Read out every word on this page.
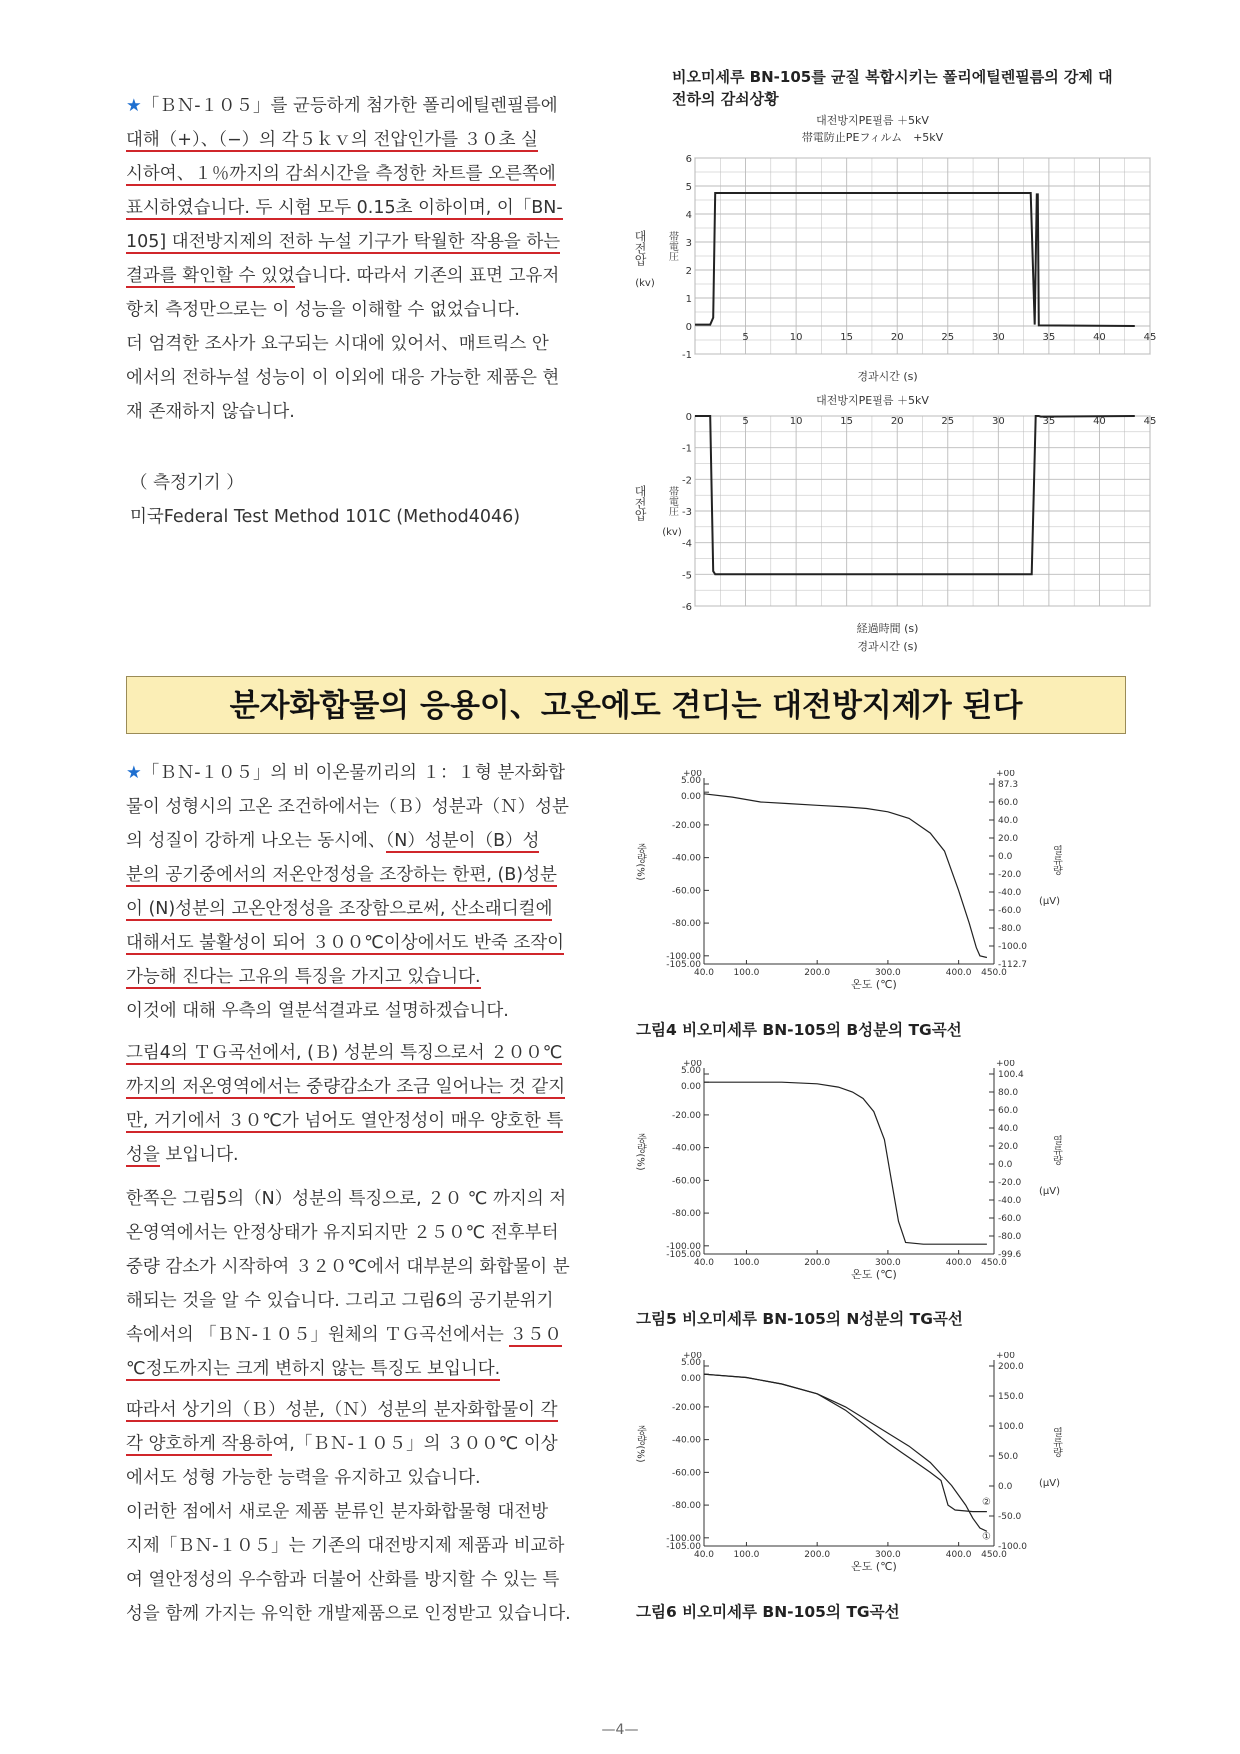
★「ＢＮ-１０５」를 균등하게 첨가한 폴리에틸렌필름에
대해（+）、（−）의 각５ｋｖ의 전압인가를 ３０초 실
시하여、１％까지의 감쇠시간을 측정한 차트를 오른쪽에
표시하였습니다. 두 시험 모두 0.15초 이하이며, 이「BN-
105] 대전방지제의 전하 누설 기구가 탁월한 작용을 하는
결과를 확인할 수 있었습니다. 따라서 기존의 표면 고유저
항치 측정만으로는 이 성능을 이해할 수 없었습니다.
더 엄격한 조사가 요구되는 시대에 있어서、매트릭스 안
에서의 전하누설 성능이 이 이외에 대응 가능한 제품은 현
재 존재하지 않습니다.
（ 측정기기 ）
미국Federal Test Method 101C (Method4046)
비오미세루 BN-105를 균질 복합시키는 폴리에틸렌필름의 강제 대
전하의 감쇠상황
대전방지PE필름 ＋5kV
帯電防止PEフィルム　+5kV
-1
0
1
2
3
4
5
6
5	10	15	20	25	30	35	40	45
대전압 帯電圧
(kv)
경과시간 (s)
대전방지PE필름 ＋5kV
0
-1
-2
-3
-4
-5
-6
5	10	15	20	25	30	35	40	45
대전압 帯電圧
(kv)
経過時間 (s)
경과시간 (s)
분자화합물의 응용이、고온에도 견디는 대전방지제가 된다
★「ＢＮ-１０５」의 비 이온물끼리의 １：１형 분자화합
물이 성형시의 고온 조건하에서는（Ｂ）성분과（Ｎ）성분
의 성질이 강하게 나오는 동시에、（N）성분이（B）성
분의 공기중에서의 저온안정성을 조장하는 한편, (B)성분
이 (N)성분의 고온안정성을 조장함으로써, 산소래디컬에
대해서도 불활성이 되어 ３００℃이상에서도 반죽 조작이
가능해 진다는 고유의 특징을 가지고 있습니다.
이것에 대해 우측의 열분석결과로 설명하겠습니다.
그림4의 ＴＧ곡선에서, (Ｂ) 성분의 특징으로서 ２００℃
까지의 저온영역에서는 중량감소가 조금 일어나는 것 같지
만, 거기에서 ３０℃가 넘어도 열안정성이 매우 양호한 특
성을 보입니다.
한쪽은 그림5의（N）성분의 특징으로, ２０ ℃ 까지의 저
온영역에서는 안정상태가 유지되지만 ２５０℃ 전후부터
중량 감소가 시작하여 ３２０℃에서 대부분의 화합물이 분
해되는 것을 알 수 있습니다. 그리고 그림6의 공기분위기
속에서의 「ＢＮ-１０５」원체의 ＴＧ곡선에서는 ３５０
℃정도까지는 크게 변하지 않는 특징도 보입니다.
따라서 상기의（Ｂ）성분,（Ｎ）성분의 분자화합물이 각
각 양호하게 작용하여,「ＢＮ-１０５」의 ３００℃ 이상
에서도 성형 가능한 능력을 유지하고 있습니다.
이러한 점에서 새로운 제품 분류인 분자화합물형 대전방
지제「ＢＮ-１０５」는 기존의 대전방지제 제품과 비교하
여 열안정성의 우수함과 더불어 산화를 방지할 수 있는 특
성을 함께 가지는 유익한 개발제품으로 인정받고 있습니다.
+00
5.00
0.00
-20.00
-40.00
-60.00
-80.00
-100.00
-105.00
+00
87.3
60.0
40.0
20.0
0.0
-20.0
-40.0
-60.0
-80.0
-100.0
-112.7
40.0 100.0	200.0	300.0	400.0 450.0
온도 (℃)
중량(%)	열류량
(μV)
그림4 비오미세루 BN-105의 B성분의 TG곡선
+00
5.00
0.00
-20.00
-40.00
-60.00
-80.00
-100.00
-105.00
+00
100.4
80.0
60.0
40.0
20.0
0.0
-20.0
-40.0
-60.0
-80.0
-99.6
40.0 100.0	200.0	300.0	400.0 450.0
온도 (℃)
중량(%)	열류량
(μV)
그림5 비오미세루 BN-105의 N성분의 TG곡선
+00
5.00
0.00
-20.00
-40.00
-60.00
-80.00
-100.00
-105.00
+00
200.0
150.0
100.0
50.0
0.0
-50.0
-100.0
40.0 100.0	200.0	300.0	400.0 450.0
온도 (℃)
중량(%)	열류량
(μV)
①
②
그림6 비오미세루 BN-105의 TG곡선
—4—
